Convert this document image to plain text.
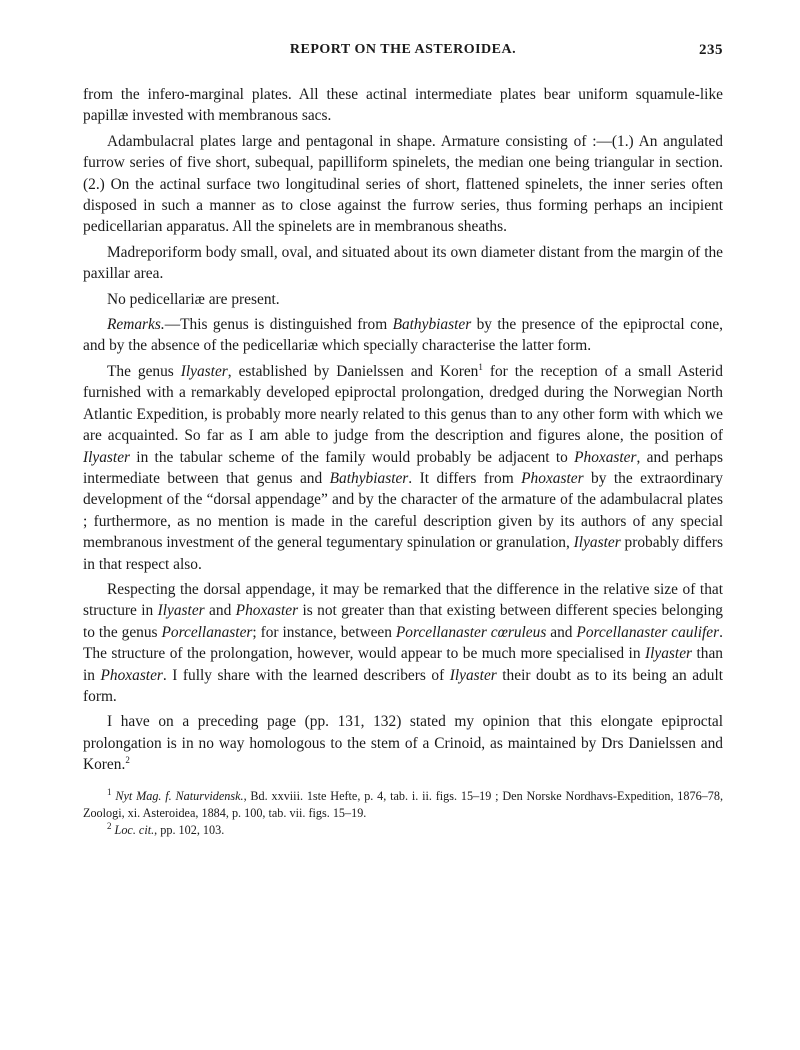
REPORT ON THE ASTEROIDEA.	235

from the infero-marginal plates. All these actinal intermediate plates bear uniform squamule-like papillæ invested with membranous sacs.

Adambulacral plates large and pentagonal in shape. Armature consisting of :—(1.) An angulated furrow series of five short, subequal, papilliform spinelets, the median one being triangular in section. (2.) On the actinal surface two longitudinal series of short, flattened spinelets, the inner series often disposed in such a manner as to close against the furrow series, thus forming perhaps an incipient pedicellarian apparatus. All the spinelets are in membranous sheaths.

Madreporiform body small, oval, and situated about its own diameter distant from the margin of the paxillar area.

No pedicellariæ are present.

Remarks.—This genus is distinguished from Bathybiaster by the presence of the epiproctal cone, and by the absence of the pedicellariæ which specially characterise the latter form.

The genus Ilyaster, established by Danielssen and Koren$^1$ for the reception of a small Asterid furnished with a remarkably developed epiproctal prolongation, dredged during the Norwegian North Atlantic Expedition, is probably more nearly related to this genus than to any other form with which we are acquainted. So far as I am able to judge from the description and figures alone, the position of Ilyaster in the tabular scheme of the family would probably be adjacent to Phoxaster, and perhaps intermediate between that genus and Bathybiaster. It differs from Phoxaster by the extraordinary development of the “dorsal appendage” and by the character of the armature of the adambulacral plates ; furthermore, as no mention is made in the careful description given by its authors of any special membranous investment of the general tegumentary spinulation or granulation, Ilyaster probably differs in that respect also.

Respecting the dorsal appendage, it may be remarked that the difference in the relative size of that structure in Ilyaster and Phoxaster is not greater than that existing between different species belonging to the genus Porcellanaster; for instance, between Porcellanaster cœruleus and Porcellanaster caulifer. The structure of the prolongation, however, would appear to be much more specialised in Ilyaster than in Phoxaster. I fully share with the learned describers of Ilyaster their doubt as to its being an adult form.

I have on a preceding page (pp. 131, 132) stated my opinion that this elongate epiproctal prolongation is in no way homologous to the stem of a Crinoid, as maintained by Drs Danielssen and Koren.$^2$

$^1$ Nyt Mag. f. Naturvidensk., Bd. xxviii. 1ste Hefte, p. 4, tab. i. ii. figs. 15–19 ; Den Norske Nordhavs-Expedition, 1876–78, Zoologi, xi. Asteroidea, 1884, p. 100, tab. vii. figs. 15–19.

$^2$ Loc. cit., pp. 102, 103.
